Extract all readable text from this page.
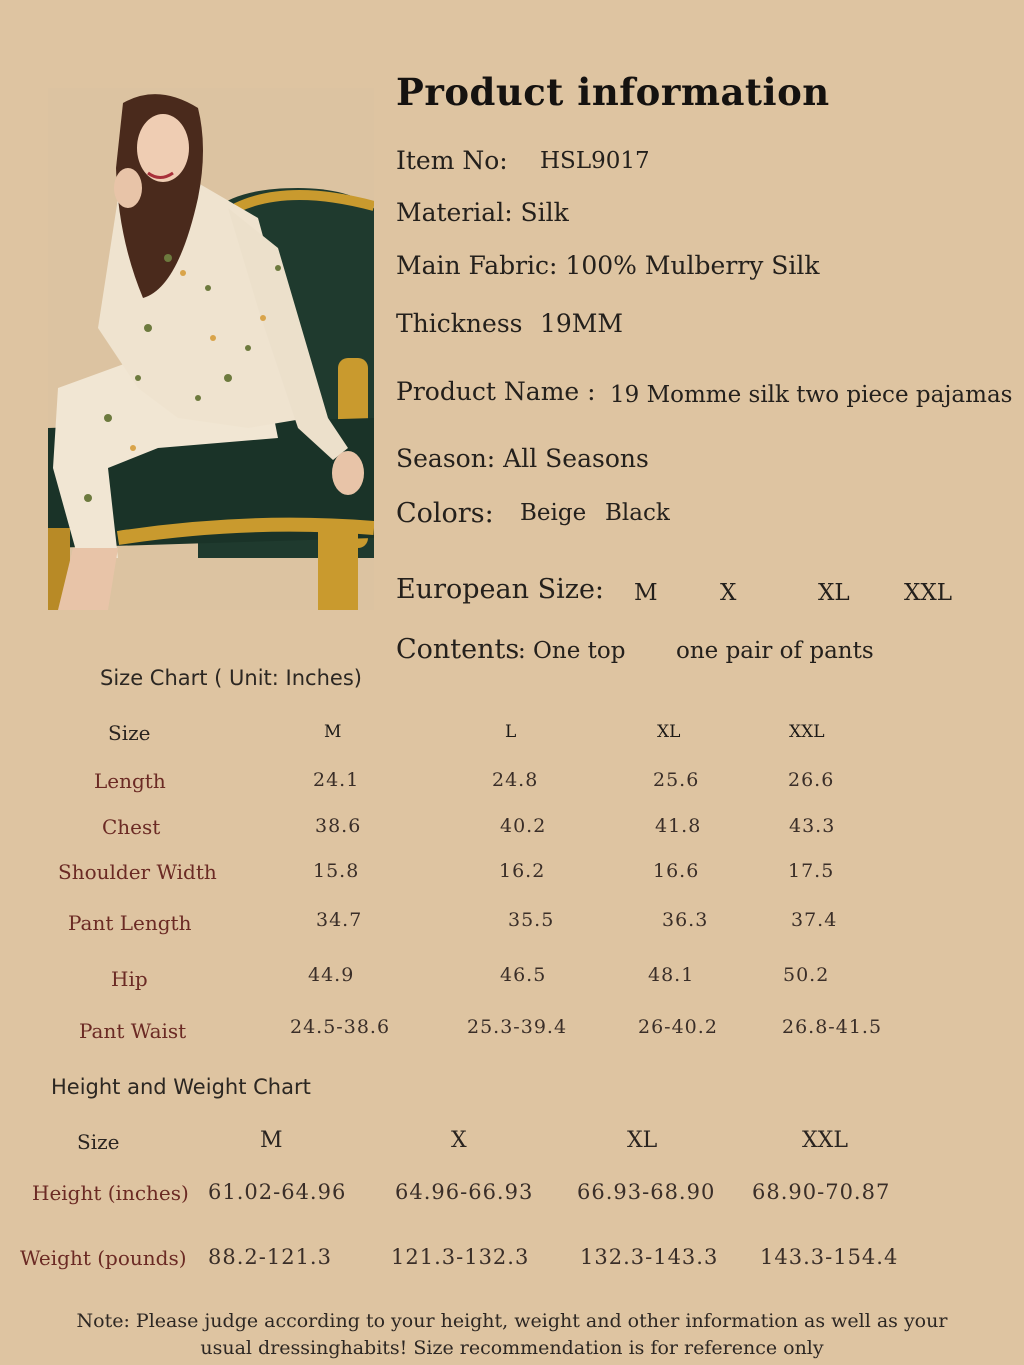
Product information
Item No: HSL9017
Material: Silk
Main Fabric: 100% Mulberry Silk
Thickness 19MM
Product Name : 19 Momme silk two piece pajamas
Season: All Seasons
Colors: Beige Black
European Size: M	X	XL XXL
Contents
: One top one pair of pants
Size Chart ( Unit: Inches)
Size	M	L	XL	XXL
Length	24.1	24.8	25.6	26.6
Chest	38.6	40.2	41.8	43.3
Shoulder Width	15.8	16.2	16.6	17.5
Pant Length	34.7	35.5	36.3	37.4
Hip	44.9	46.5	48.1	50.2
Pant Waist	24.5-38.6	25.3-39.4	26-40.2	26.8-41.5
Height and Weight Chart
Size	M	X	XL	XXL
Height (inches) 61.02-64.96 64.96-66.93 66.93-68.90 68.90-70.87
Weight (pounds) 88.2-121.3	121.3-132.3 132.3-143.3 143.3-154.4
Note: Please judge according to your height, weight and other information as well as your
usual dressinghabits! Size recommendation is for reference only
